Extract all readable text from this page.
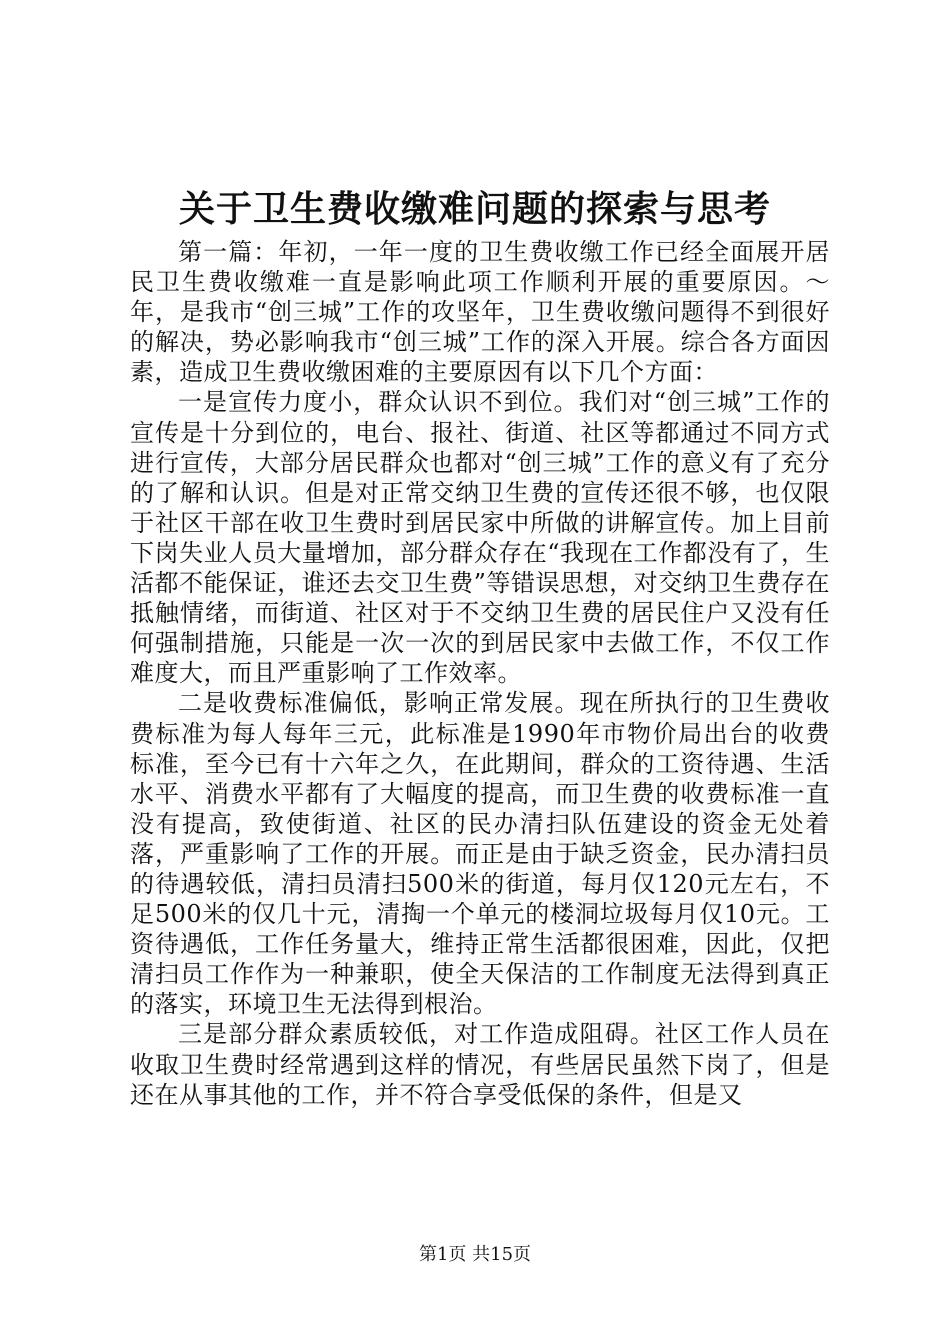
关于卫生费收缴难问题的探索与思考

第一篇：年初，一年一度的卫生费收缴工作已经全面展开居民卫生费收缴难一直是影响此项工作顺利开展的重要原因。～年，是我市“创三城”工作的攻坚年，卫生费收缴问题得不到很好的解决，势必影响我市“创三城”工作的深入开展。综合各方面因素，造成卫生费收缴困难的主要原因有以下几个方面：

一是宣传力度小，群众认识不到位。我们对“创三城”工作的宣传是十分到位的，电台、报社、街道、社区等都通过不同方式进行宣传，大部分居民群众也都对“创三城”工作的意义有了充分的了解和认识。但是对正常交纳卫生费的宣传还很不够，也仅限于社区干部在收卫生费时到居民家中所做的讲解宣传。加上目前下岗失业人员大量增加，部分群众存在“我现在工作都没有了，生活都不能保证，谁还去交卫生费”等错误思想，对交纳卫生费存在抵触情绪，而街道、社区对于不交纳卫生费的居民住户又没有任何强制措施，只能是一次一次的到居民家中去做工作，不仅工作难度大，而且严重影响了工作效率。

二是收费标准偏低，影响正常发展。现在所执行的卫生费收费标准为每人每年三元，此标准是1990年市物价局出台的收费标准，至今已有十六年之久，在此期间，群众的工资待遇、生活水平、消费水平都有了大幅度的提高，而卫生费的收费标准一直没有提高，致使街道、社区的民办清扫队伍建设的资金无处着落，严重影响了工作的开展。而正是由于缺乏资金，民办清扫员的待遇较低，清扫员清扫500米的街道，每月仅120元左右，不足500米的仅几十元，清掏一个单元的楼洞垃圾每月仅10元。工资待遇低，工作任务量大，维持正常生活都很困难，因此，仅把清扫员工作作为一种兼职，使全天保洁的工作制度无法得到真正的落实，环境卫生无法得到根治。

三是部分群众素质较低，对工作造成阻碍。社区工作人员在收取卫生费时经常遇到这样的情况，有些居民虽然下岗了，但是还在从事其他的工作，并不符合享受低保的条件，但是又

第1页 共15页
